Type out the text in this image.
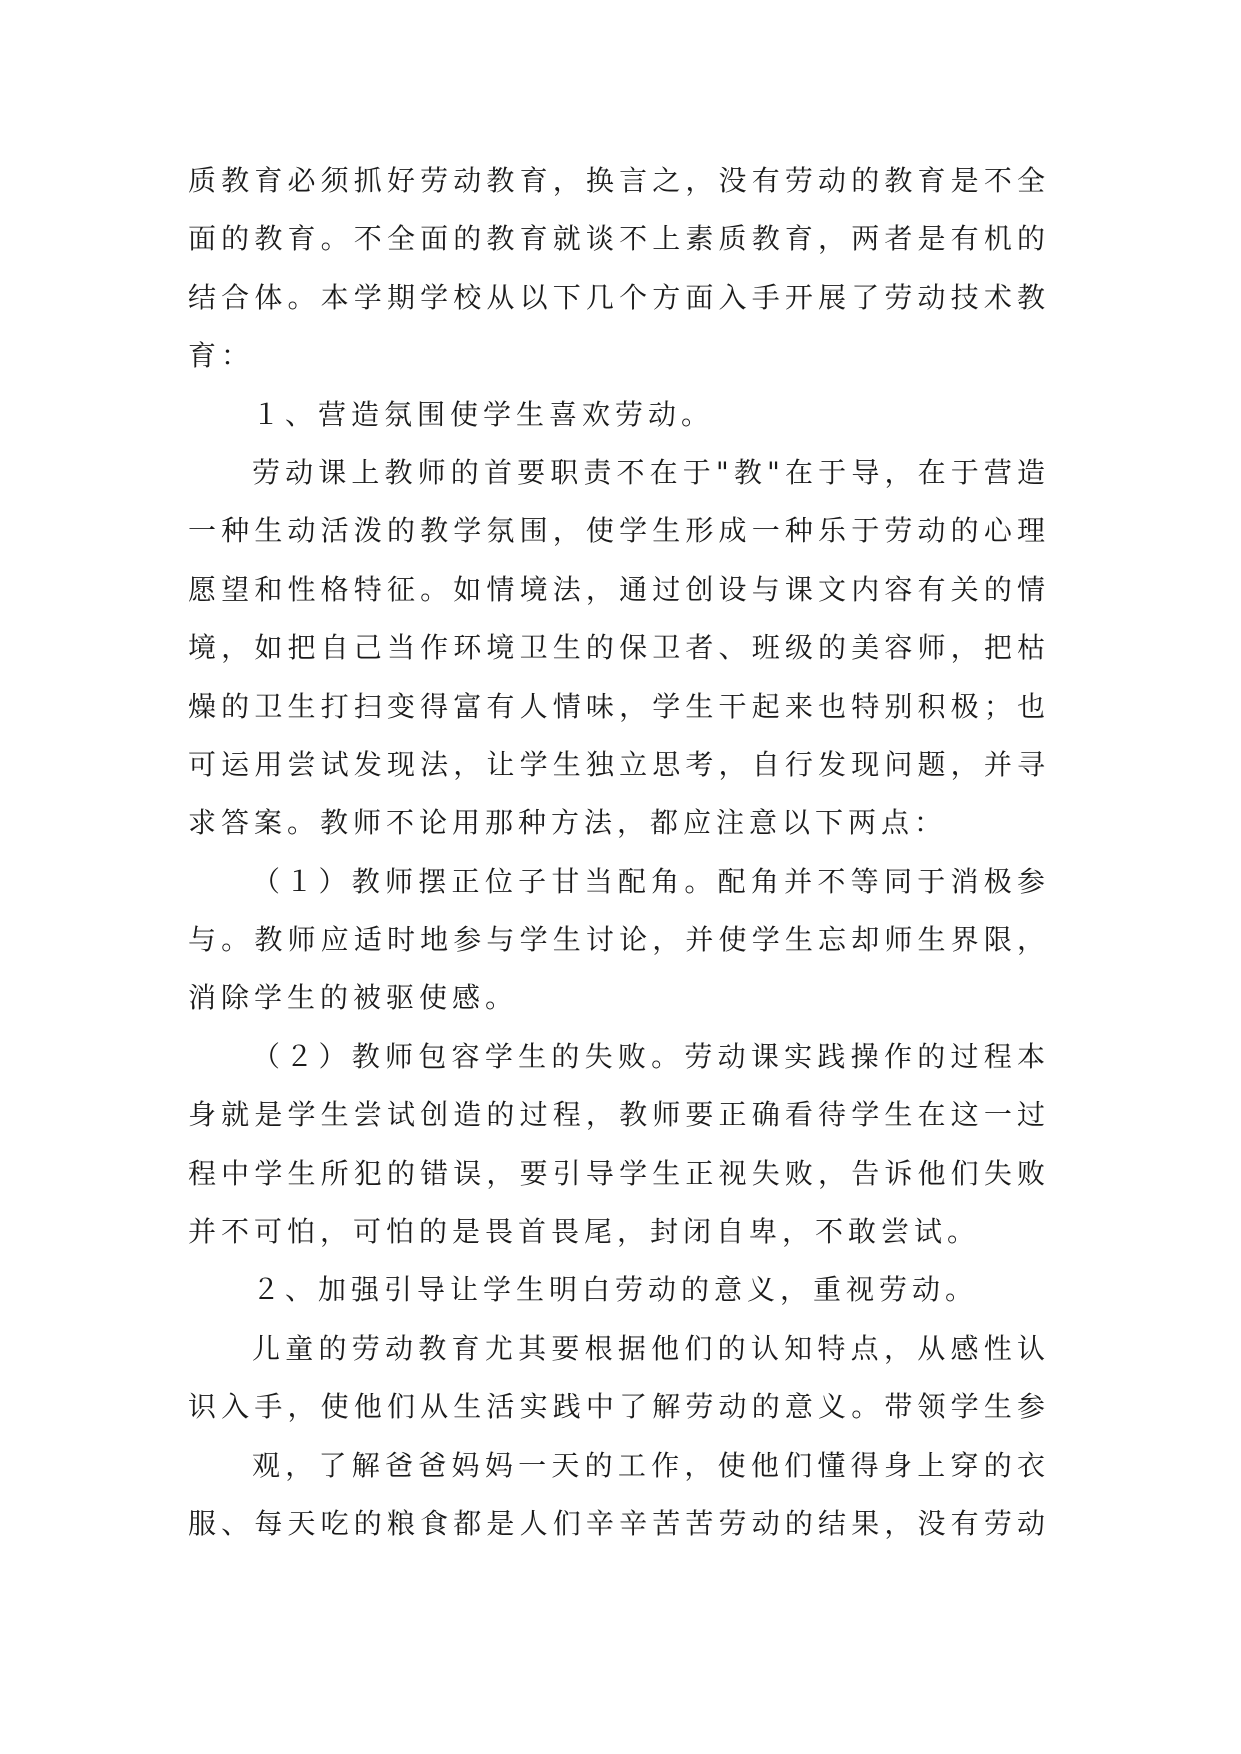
质教育必须抓好劳动教育，换言之，没有劳动的教育是不全
面的教育。不全面的教育就谈不上素质教育，两者是有机的
结合体。本学期学校从以下几个方面入手开展了劳动技术教
育：
１、营造氛围使学生喜欢劳动。
劳动课上教师的首要职责不在于"教"在于导，在于营造
一种生动活泼的教学氛围，使学生形成一种乐于劳动的心理
愿望和性格特征。如情境法，通过创设与课文内容有关的情
境，如把自己当作环境卫生的保卫者、班级的美容师，把枯
燥的卫生打扫变得富有人情味，学生干起来也特别积极；也
可运用尝试发现法，让学生独立思考，自行发现问题，并寻
求答案。教师不论用那种方法，都应注意以下两点：
（１）教师摆正位子甘当配角。配角并不等同于消极参
与。教师应适时地参与学生讨论，并使学生忘却师生界限，
消除学生的被驱使感。
（２）教师包容学生的失败。劳动课实践操作的过程本
身就是学生尝试创造的过程，教师要正确看待学生在这一过
程中学生所犯的错误，要引导学生正视失败，告诉他们失败
并不可怕，可怕的是畏首畏尾，封闭自卑，不敢尝试。
２、加强引导让学生明白劳动的意义，重视劳动。
儿童的劳动教育尤其要根据他们的认知特点，从感性认
识入手，使他们从生活实践中了解劳动的意义。带领学生参
观，了解爸爸妈妈一天的工作，使他们懂得身上穿的衣
服、每天吃的粮食都是人们辛辛苦苦劳动的结果，没有劳动
